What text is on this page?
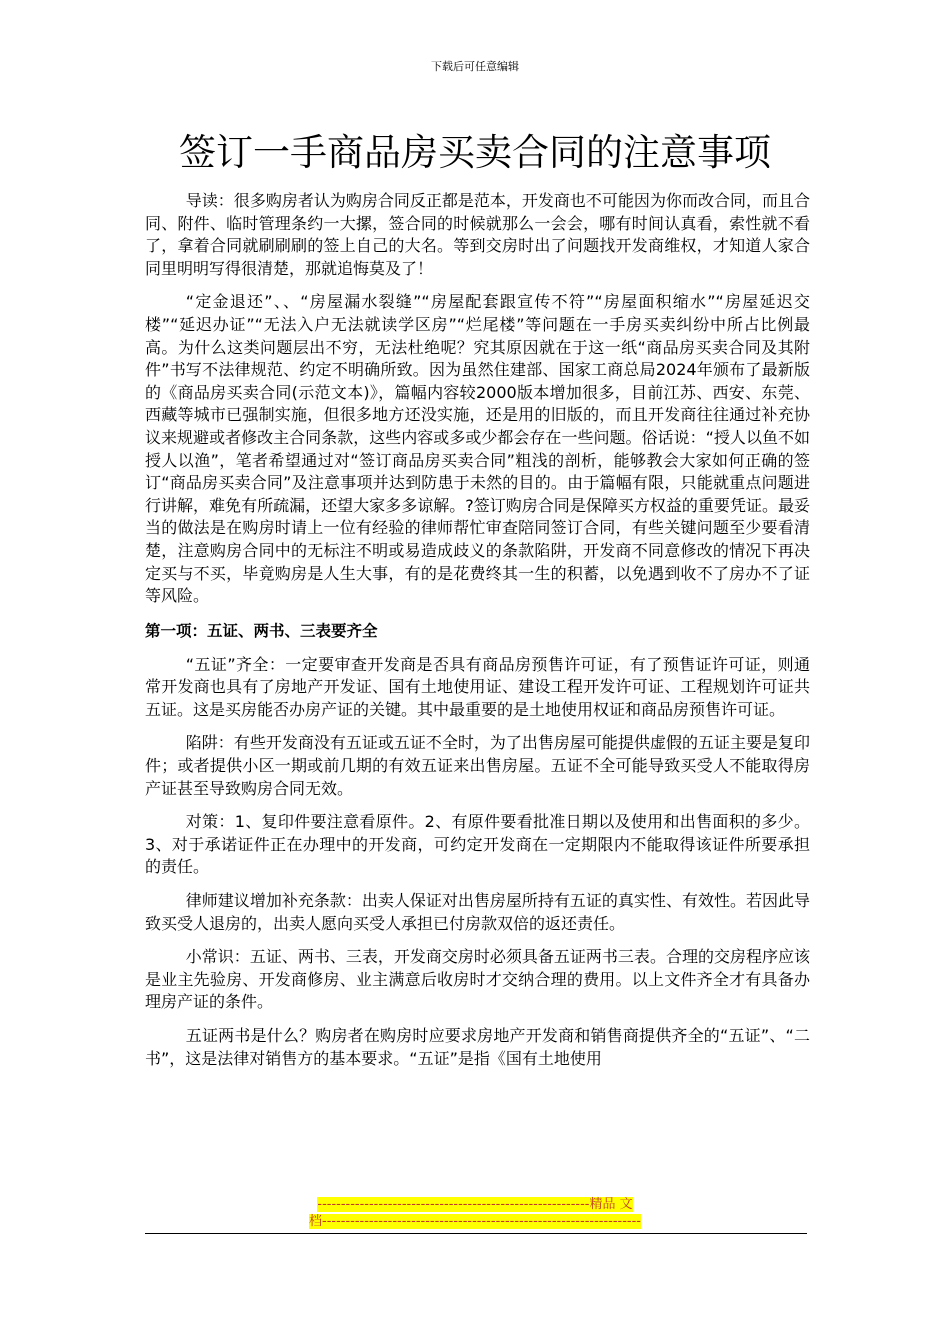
下载后可任意编辑
签订一手商品房买卖合同的注意事项

导读：很多购房者认为购房合同反正都是范本，开发商也不可能因为你而改合同，而且合同、附件、临时管理条约一大摞，签合同的时候就那么一会会，哪有时间认真看，索性就不看了，拿着合同就刷刷刷的签上自己的大名。等到交房时出了问题找开发商维权，才知道人家合同里明明写得很清楚，那就追悔莫及了！

“定金退还”、、“房屋漏水裂缝”“房屋配套跟宣传不符”“房屋面积缩水”“房屋延迟交楼”“延迟办证”“无法入户无法就读学区房”“烂尾楼”等问题在一手房买卖纠纷中所占比例最高。为什么这类问题层出不穷，无法杜绝呢？究其原因就在于这一纸“商品房买卖合同及其附件”书写不法律规范、约定不明确所致。因为虽然住建部、国家工商总局2024年颁布了最新版的《商品房买卖合同(示范文本)》，篇幅内容较2000版本增加很多，目前江苏、西安、东莞、西藏等城市已强制实施，但很多地方还没实施，还是用的旧版的，而且开发商往往通过补充协议来规避或者修改主合同条款，这些内容或多或少都会存在一些问题。俗话说：“授人以鱼不如授人以渔”，笔者希望通过对“签订商品房买卖合同”粗浅的剖析，能够教会大家如何正确的签订“商品房买卖合同”及注意事项并达到防患于未然的目的。由于篇幅有限，只能就重点问题进行讲解，难免有所疏漏，还望大家多多谅解。?签订购房合同是保障买方权益的重要凭证。最妥当的做法是在购房时请上一位有经验的律师帮忙审查陪同签订合同，有些关键问题至少要看清楚，注意购房合同中的无标注不明或易造成歧义的条款陷阱，开发商不同意修改的情况下再决定买与不买，毕竟购房是人生大事，有的是花费终其一生的积蓄，以免遇到收不了房办不了证等风险。

第一项：五证、两书、三表要齐全

“五证”齐全：一定要审查开发商是否具有商品房预售许可证，有了预售证许可证，则通常开发商也具有了房地产开发证、国有土地使用证、建设工程开发许可证、工程规划许可证共五证。这是买房能否办房产证的关键。其中最重要的是土地使用权证和商品房预售许可证。

陷阱：有些开发商没有五证或五证不全时，为了出售房屋可能提供虚假的五证主要是复印件；或者提供小区一期或前几期的有效五证来出售房屋。五证不全可能导致买受人不能取得房产证甚至导致购房合同无效。

对策：1、复印件要注意看原件。2、有原件要看批准日期以及使用和出售面积的多少。3、对于承诺证件正在办理中的开发商，可约定开发商在一定期限内不能取得该证件所要承担的责任。

律师建议增加补充条款：出卖人保证对出售房屋所持有五证的真实性、有效性。若因此导致买受人退房的，出卖人愿向买受人承担已付房款双倍的返还责任。

小常识：五证、两书、三表，开发商交房时必须具备五证两书三表。合理的交房程序应该是业主先验房、开发商修房、业主满意后收房时才交纳合理的费用。以上文件齐全才有具备办理房产证的条件。

五证两书是什么？购房者在购房时应要求房地产开发商和销售商提供齐全的“五证”、“二书”，这是法律对销售方的基本要求。“五证”是指《国有土地使用

----------------------------------------------------------精品 文
档--------------------------------------------------------------------
